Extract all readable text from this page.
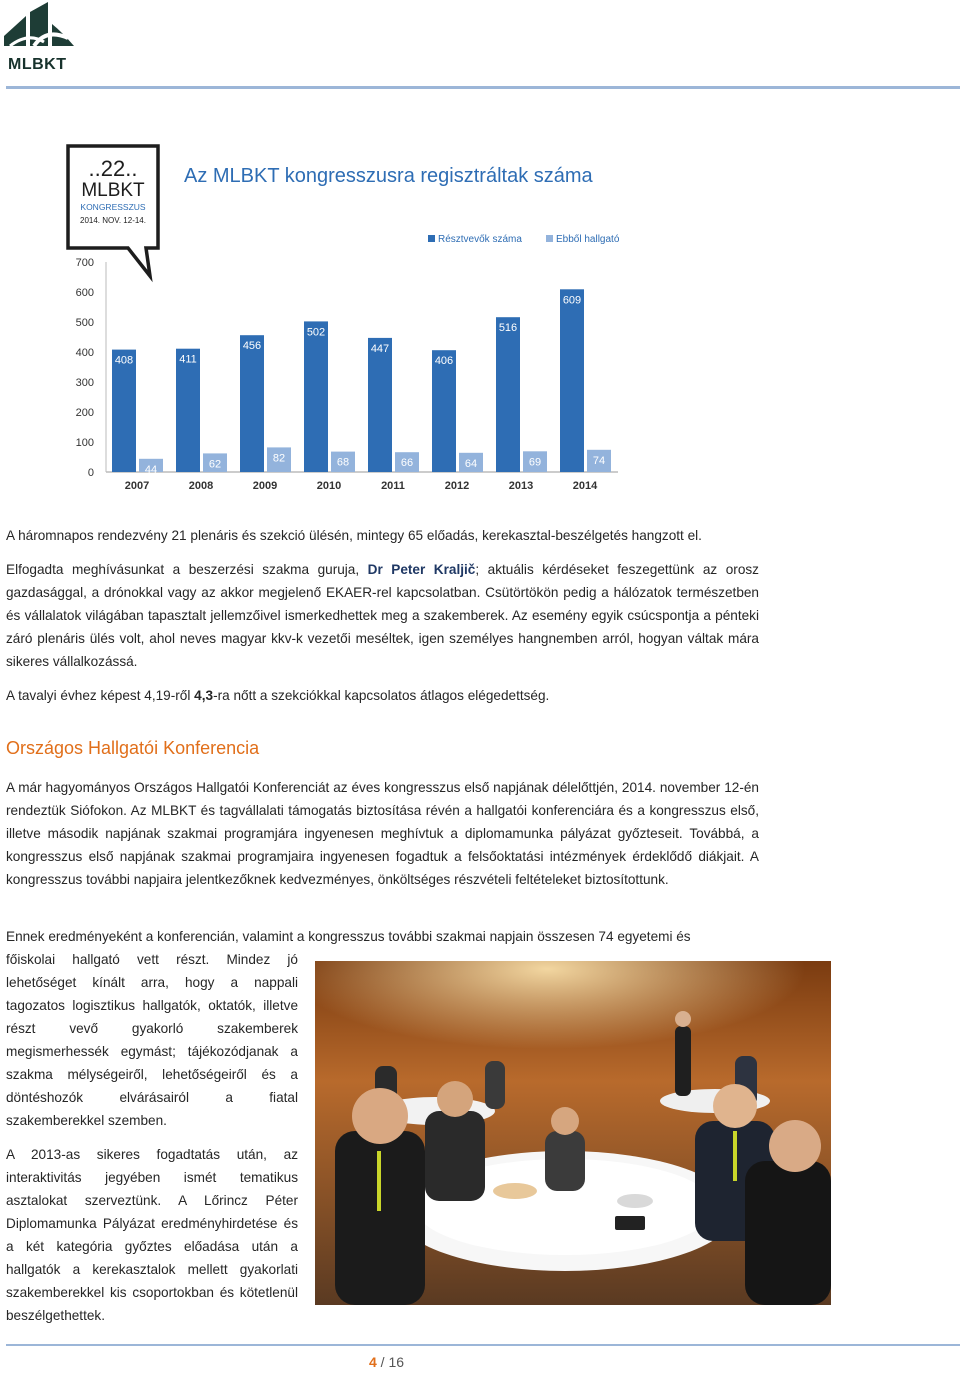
MLBKT
..22..
MLBKT
KONGRESSZUS
2014. NOV. 12-14.
Az MLBKT kongresszusra regisztráltak száma
Résztvevők száma	Ebből hallgató
0
100
200
300
400
500
600
700
408
44
411
62
456
82
502
68
447
66
406
64
516
69
609
74
2007	2008	2009	2010	2011	2012	2013	2014

A háromnapos rendezvény 21 plenáris és szekció ülésén, mintegy 65 előadás, kerekasztal-beszélgetés hangzott el.

Elfogadta meghívásunkat a beszerzési szakma guruja, Dr Peter Kraljič; aktuális kérdéseket feszegettünk az orosz gazdasággal, a drónokkal vagy az akkor megjelenő EKAER-rel kapcsolatban. Csütörtökön pedig a hálózatok természetben és vállalatok világában tapasztalt jellemzőivel ismerkedhettek meg a szakemberek. Az esemény egyik csúcspontja a pénteki záró plenáris ülés volt, ahol neves magyar kkv-k vezetői meséltek, igen személyes hangnemben arról, hogyan váltak mára sikeres vállalkozássá.

A tavalyi évhez képest 4,19-ről 4,3-ra nőtt a szekciókkal kapcsolatos átlagos elégedettség.

Országos Hallgatói Konferencia

A már hagyományos Országos Hallgatói Konferenciát az éves kongresszus első napjának délelőttjén, 2014. november 12-én rendeztük Siófokon. Az MLBKT és tagvállalati támogatás biztosítása révén a hallgatói konferenciára és a kongresszus első, illetve második napjának szakmai programjára ingyenesen meghívtuk a diplomamunka pályázat győzteseit. Továbbá, a kongresszus első napjának szakmai programjaira ingyenesen fogadtuk a felsőoktatási intézmények érdeklődő diákjait. A kongresszus további napjaira jelentkezőknek kedvezményes, önköltséges részvételi feltételeket biztosítottunk.

Ennek eredményeként a konferencián, valamint a kongresszus további szakmai napjain összesen 74 egyetemi és

főiskolai hallgató vett részt. Mindez jó lehetőséget kínált arra, hogy a nappali tagozatos logisztikus hallgatók, oktatók, illetve részt vevő gyakorló szakemberek megismerhessék egymást; tájékozódjanak a szakma mélységeiről, lehetőségeiről és a döntéshozók elvárásairól a fiatal szakemberekkel szemben.

A 2013-as sikeres fogadtatás után, az interaktivitás jegyében ismét tematikus asztalokat szerveztünk. A Lőrincz Péter Diplomamunka Pályázat eredményhirdetése és a két kategória győztes előadása után a hallgatók a kerekasztalok mellett gyakorlati szakemberekkel kis csoportokban és kötetlenül beszélgethettek.

4 / 16
